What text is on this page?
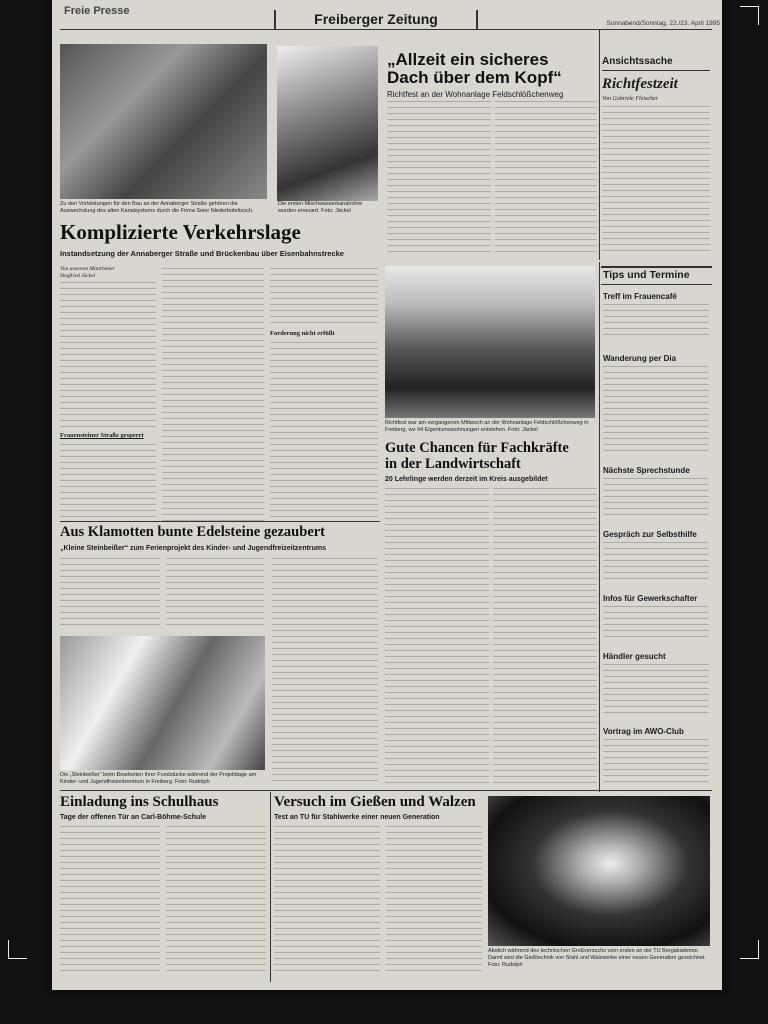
Freie Presse	Freiberger Zeitung	Sonnabend/Sonntag, 22./23. April 1995
Zu den Vorleistungen für den Bau an der Annaberger Straße gehören die Auswechslung des alten Kanalsystems durch die Firma Seier Niederbobritzsch.
Die ersten Mischwasserkanalrohre wurden erneuert. Foto: Jäckel
„Allzeit ein sicheres
Dach über dem Kopf“
Richtfest an der Wohnanlage Feldschlößchenweg
Ansichtssache
Richtfestzeit
Von Gabriele Fleischer
Komplizierte Verkehrslage
Instandsetzung der Annaberger Straße und Brückenbau über Eisenbahnstrecke
Von unserem Mitarbeiter
Siegfried Jäckel
Frauensteiner Straße gesperrt
Forderung nicht erfüllt
Tips und Termine
Treff im Frauencafé
Wanderung per Dia
Nächste Sprechstunde
Gespräch zur Selbsthilfe
Infos für Gewerkschafter
Händler gesucht
Vortrag im AWO-Club
Richtfest war am vergangenen Mittwoch an der Wohnanlage Feldschlößchenweg in Freiberg, wo 94 Eigentumswohnungen entstehen. Foto: Jäckel
Gute Chancen für Fachkräfte
in der Landwirtschaft
20 Lehrlinge werden derzeit im Kreis ausgebildet
Aus Klamotten bunte Edelsteine gezaubert
„Kleine Steinbeißer“ zum Ferienprojekt des Kinder- und Jugendfreizeitzentrums
Die „Steinbeißer“ beim Bearbeiten ihrer Fundstücke während der Projekttage am Kinder- und Jugendfreizeitzentrum in Freiberg. Foto: Rudolph
Einladung ins Schulhaus
Tage der offenen Tür an Carl-Böhme-Schule
Versuch im Gießen und Walzen
Test an TU für Stahlwerke einer neuen Generation
Abstich während des technischen Großversuchs vom ersten an der TU Bergakademie. Damit wird die Gießtechnik von Stahl und Walzwerke einer neuen Generation gezeichnet. Foto: Rudolph
